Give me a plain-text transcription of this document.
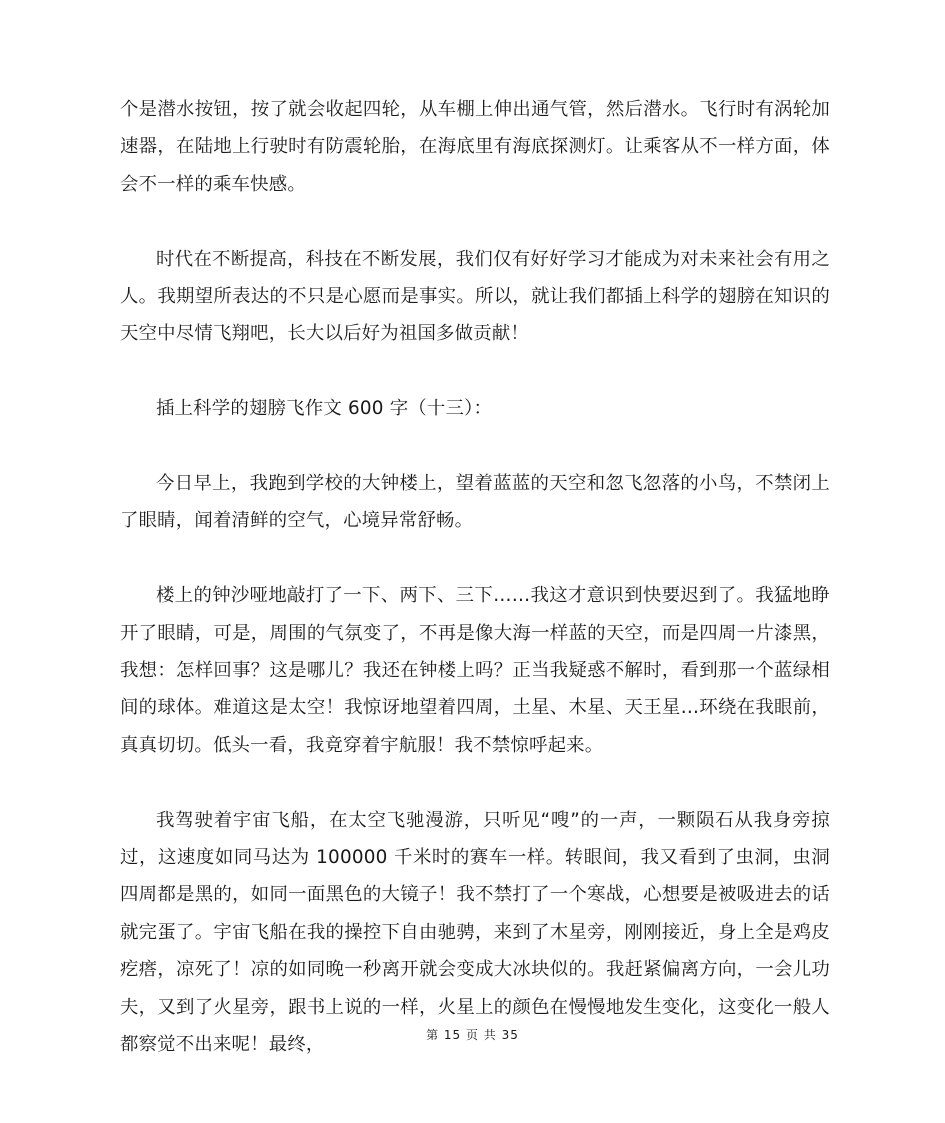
个是潜水按钮，按了就会收起四轮，从车棚上伸出通气管，然后潜水。飞行时有涡轮加速器，在陆地上行驶时有防震轮胎，在海底里有海底探测灯。让乘客从不一样方面，体会不一样的乘车快感。

时代在不断提高，科技在不断发展，我们仅有好好学习才能成为对未来社会有用之人。我期望所表达的不只是心愿而是事实。所以，就让我们都插上科学的翅膀在知识的天空中尽情飞翔吧，长大以后好为祖国多做贡献！

插上科学的翅膀飞作文 600 字（十三）：

今日早上，我跑到学校的大钟楼上，望着蓝蓝的天空和忽飞忽落的小鸟，不禁闭上了眼睛，闻着清鲜的空气，心境异常舒畅。

楼上的钟沙哑地敲打了一下、两下、三下……我这才意识到快要迟到了。我猛地睁开了眼睛，可是，周围的气氛变了，不再是像大海一样蓝的天空，而是四周一片漆黑，我想：怎样回事？这是哪儿？我还在钟楼上吗？正当我疑惑不解时，看到那一个蓝绿相间的球体。难道这是太空！我惊讶地望着四周，土星、木星、天王星…环绕在我眼前，真真切切。低头一看，我竟穿着宇航服！我不禁惊呼起来。

我驾驶着宇宙飞船，在太空飞驰漫游，只听见“嗖”的一声，一颗陨石从我身旁掠过，这速度如同马达为 100000 千米时的赛车一样。转眼间，我又看到了虫洞，虫洞四周都是黑的，如同一面黑色的大镜子！我不禁打了一个寒战，心想要是被吸进去的话就完蛋了。宇宙飞船在我的操控下自由驰骋，来到了木星旁，刚刚接近，身上全是鸡皮疙瘩，凉死了！凉的如同晚一秒离开就会变成大冰块似的。我赶紧偏离方向，一会儿功夫，又到了火星旁，跟书上说的一样，火星上的颜色在慢慢地发生变化，这变化一般人都察觉不出来呢！最终，	第 15 页 共 35
